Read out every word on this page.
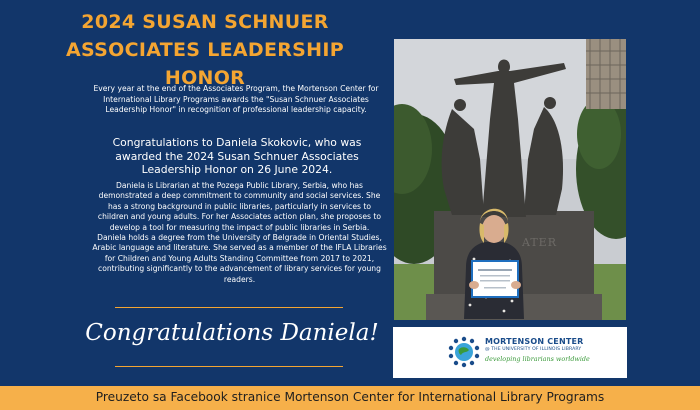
2024 SUSAN SCHNUER
ASSOCIATES LEADERSHIP HONOR
Every year at the end of the Associates Program, the Mortenson Center for International Library Programs awards the "Susan Schnuer Associates Leadership Honor" in recognition of professional leadership capacity.
Congratulations to Daniela Skokovic, who was awarded the 2024 Susan Schnuer Associates Leadership Honor on 26 June 2024.

Daniela is Librarian at the Pozega Public Library, Serbia, who has demonstrated a deep commitment to community and social services. She has a strong background in public libraries, particularly in services to children and young adults. For her Associates action plan, she proposes to develop a tool for measuring the impact of public libraries in Serbia.

Daniela holds a degree from the University of Belgrade in Oriental Studies, Arabic language and literature. She served as a member of the IFLA Libraries for Children and Young Adults Standing Committee from 2017 to 2021, contributing significantly to the advancement of library services for young readers.

Congratulations Daniela!
ATER
MORTENSON CENTER
@ THE UNIVERSITY OF ILLINOIS LIBRARY
developing librarians worldwide
Preuzeto sa Facebook stranice Mortenson Center for International Library Programs
